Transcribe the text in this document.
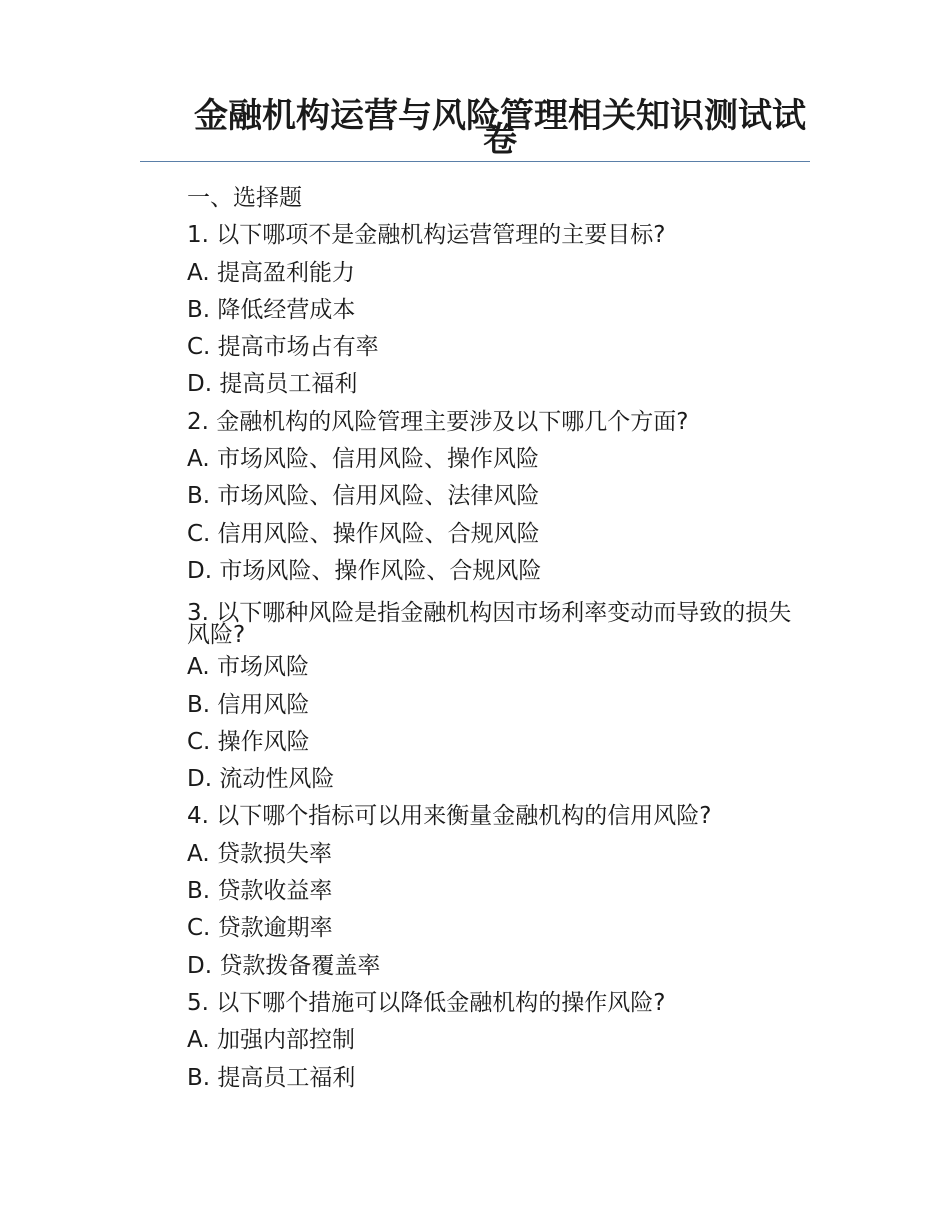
金融机构运营与风险管理相关知识测试试卷

一、选择题

1. 以下哪项不是金融机构运营管理的主要目标?

A. 提高盈利能力

B. 降低经营成本

C. 提高市场占有率

D. 提高员工福利

2. 金融机构的风险管理主要涉及以下哪几个方面?

A. 市场风险、信用风险、操作风险

B. 市场风险、信用风险、法律风险

C. 信用风险、操作风险、合规风险

D. 市场风险、操作风险、合规风险

3. 以下哪种风险是指金融机构因市场利率变动而导致的损失风险?

A. 市场风险

B. 信用风险

C. 操作风险

D. 流动性风险

4. 以下哪个指标可以用来衡量金融机构的信用风险?

A. 贷款损失率

B. 贷款收益率

C. 贷款逾期率

D. 贷款拨备覆盖率

5. 以下哪个措施可以降低金融机构的操作风险?

A. 加强内部控制

B. 提高员工福利
